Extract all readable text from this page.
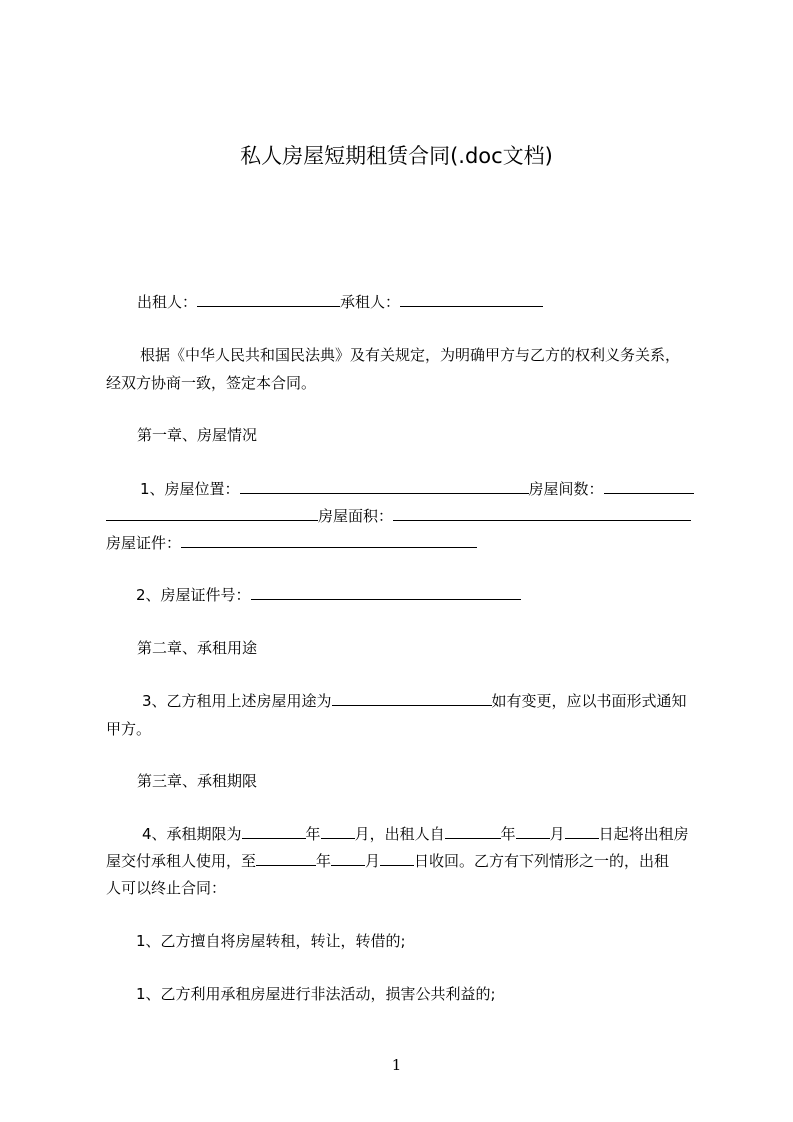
私人房屋短期租赁合同(.doc文档)
出租人：	承租人：
根据《中华人民共和国民法典》及有关规定，为明确甲方与乙方的权利义务关系，
经双方协商一致，签定本合同。
第一章、房屋情况
1、房屋位置：	房屋间数：
房屋面积：
房屋证件：
2、房屋证件号：
第二章、承租用途
3、乙方租用上述房屋用途为	如有变更，应以书面形式通知
甲方。
第三章、承租期限
4、承租期限为	年 月，出租人自	年 月 日起将出租房
屋交付承租人使用，至	年 月 日收回。乙方有下列情形之一的，出租
人可以终止合同：
1、乙方擅自将房屋转租，转让，转借的;
1、乙方利用承租房屋进行非法活动，损害公共利益的;
1
